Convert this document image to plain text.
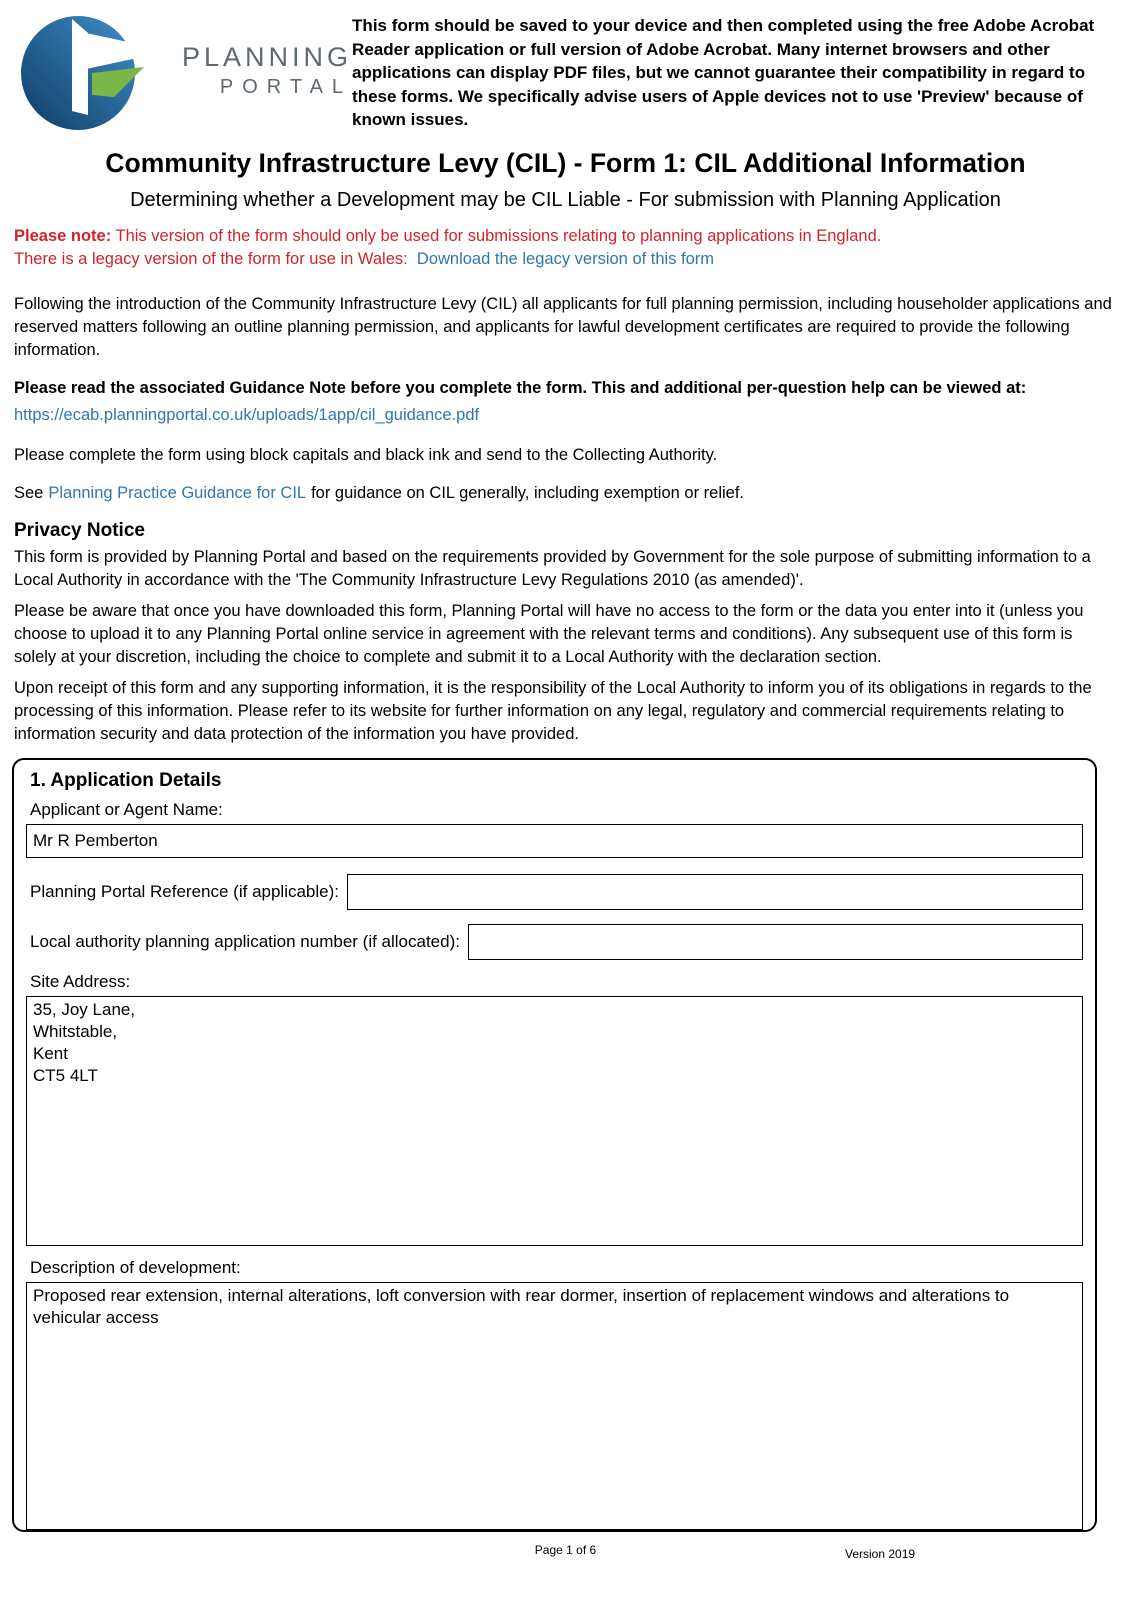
PLANNING
PORTAL

This form should be saved to your device and then completed using the free Adobe Acrobat Reader application or full version of Adobe Acrobat. Many internet browsers and other applications can display PDF files, but we cannot guarantee their compatibility in regard to these forms. We specifically advise users of Apple devices not to use 'Preview' because of known issues.

Community Infrastructure Levy (CIL) - Form 1: CIL Additional Information
Determining whether a Development may be CIL Liable - For submission with Planning Application

Please note: This version of the form should only be used for submissions relating to planning applications in England.
There is a legacy version of the form for use in Wales: Download the legacy version of this form

Following the introduction of the Community Infrastructure Levy (CIL) all applicants for full planning permission, including householder applications and reserved matters following an outline planning permission, and applicants for lawful development certificates are required to provide the following information.

Please read the associated Guidance Note before you complete the form. This and additional per-question help can be viewed at:

https://ecab.planningportal.co.uk/uploads/1app/cil_guidance.pdf

Please complete the form using block capitals and black ink and send to the Collecting Authority.

See Planning Practice Guidance for CIL for guidance on CIL generally, including exemption or relief.

Privacy Notice

This form is provided by Planning Portal and based on the requirements provided by Government for the sole purpose of submitting information to a Local Authority in accordance with the 'The Community Infrastructure Levy Regulations 2010 (as amended)'.

Please be aware that once you have downloaded this form, Planning Portal will have no access to the form or the data you enter into it (unless you choose to upload it to any Planning Portal online service in agreement with the relevant terms and conditions). Any subsequent use of this form is solely at your discretion, including the choice to complete and submit it to a Local Authority with the declaration section.

Upon receipt of this form and any supporting information, it is the responsibility of the Local Authority to inform you of its obligations in regards to the processing of this information. Please refer to its website for further information on any legal, regulatory and commercial requirements relating to information security and data protection of the information you have provided.

1. Application Details
Applicant or Agent Name:
Mr R Pemberton
Planning Portal Reference (if applicable):
Local authority planning application number (if allocated):
Site Address:
35, Joy Lane, Whitstable, Kent CT5 4LT
Description of development:
Proposed rear extension, internal alterations, loft conversion with rear dormer, insertion of replacement windows and alterations to vehicular access
Page 1 of 6	Version 2019
